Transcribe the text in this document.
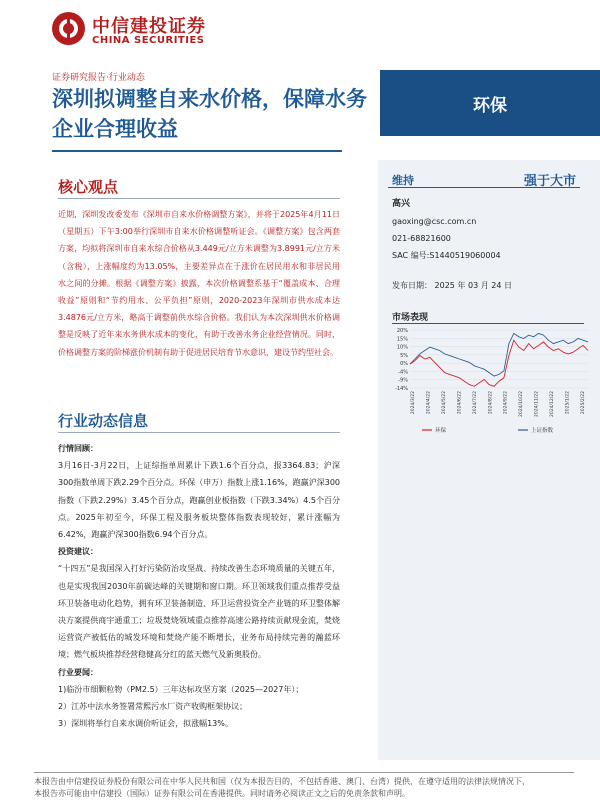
中信建投证券
CHINA SECURITIES
证券研究报告·行业动态
深圳拟调整自来水价格，保障水务企业合理收益
环保
核心观点
近期，深圳发改委发布《深圳市自来水价格调整方案》，并将于2025年4月11日（星期五）下午3:00举行深圳市自来水价格调整听证会。《调整方案》包含两套方案，均拟将深圳市自来水综合价格从3.449元/立方米调整为3.8991元/立方米（含税），上涨幅度约为13.05%，主要差异点在于涨价在居民用水和非居民用水之间的分摊。根据《调整方案》披露，本次价格调整系基于“覆盖成本、合理收益”原则和“节约用水、公平负担”原则，2020-2023年深圳市供水成本达3.4876元/立方米，略高于调整前供水综合价格。我们认为本次深圳供水价格调整是反映了近年来水务供水成本的变化，有助于改善水务企业经营情况。同时，价格调整方案的阶梯涨价机制有助于促进居民培育节水意识，建设节约型社会。
行业动态信息
行情回顾：
3月16日-3月22日，上证综指单周累计下跌1.6个百分点，报3364.83；沪深300指数单周下跌2.29个百分点。环保（申万）指数上涨1.16%，跑赢沪深300指数（下跌2.29%）3.45个百分点，跑赢创业板指数（下跌3.34%）4.5个百分点。2025年初至今，环保工程及服务板块整体指数表现较好，累计涨幅为6.42%，跑赢沪深300指数6.94个百分点。
投资建议：
“十四五”是我国深入打好污染防治攻坚战、持续改善生态环境质量的关键五年，也是实现我国2030年前碳达峰的关键期和窗口期。环卫领域我们重点推荐受益环卫装备电动化趋势，拥有环卫装备制造、环卫运营投资全产业链的环卫整体解决方案提供商宇通重工；垃圾焚烧领域重点推荐高速公路持续贡献现金流，焚烧运营资产被低估的城发环境和焚烧产能不断增长，业务布局持续完善的瀚蓝环境；燃气板块推荐经营稳健高分红的蓝天燃气及新奥股份。
行业要闻：
1)临汾市细颗粒物（PM2.5）三年达标攻坚方案（2025—2027年）；
2）江苏中法水务签署常熙污水厂资产收购框架协议；
3）深圳将举行自来水调价听证会，拟涨幅13%。
维持	强于大市
高兴
gaoxing@csc.com.cn
021-68821600
SAC 编号:S1440519060004
发布日期： 2025 年 03 月 24 日
市场表现
20%
15%
10%
5%
0%
-4%
-9%
-14%
2024/3/22 2024/4/22 2024/5/22 2024/6/22 2024/7/22 2024/8/22 2024/9/22 2024/10/22 2024/11/22 2024/12/22 2025/1/22 2025/2/22
环保	上证指数
本报告由中信建投证券股份有限公司在中华人民共和国（仅为本报告目的，不包括香港、澳门、台湾）提供，在遵守适用的法律法规情况下，
本报告亦可能由中信建投（国际）证券有限公司在香港提供。同时请务必阅读正文之后的免责条款和声明。
